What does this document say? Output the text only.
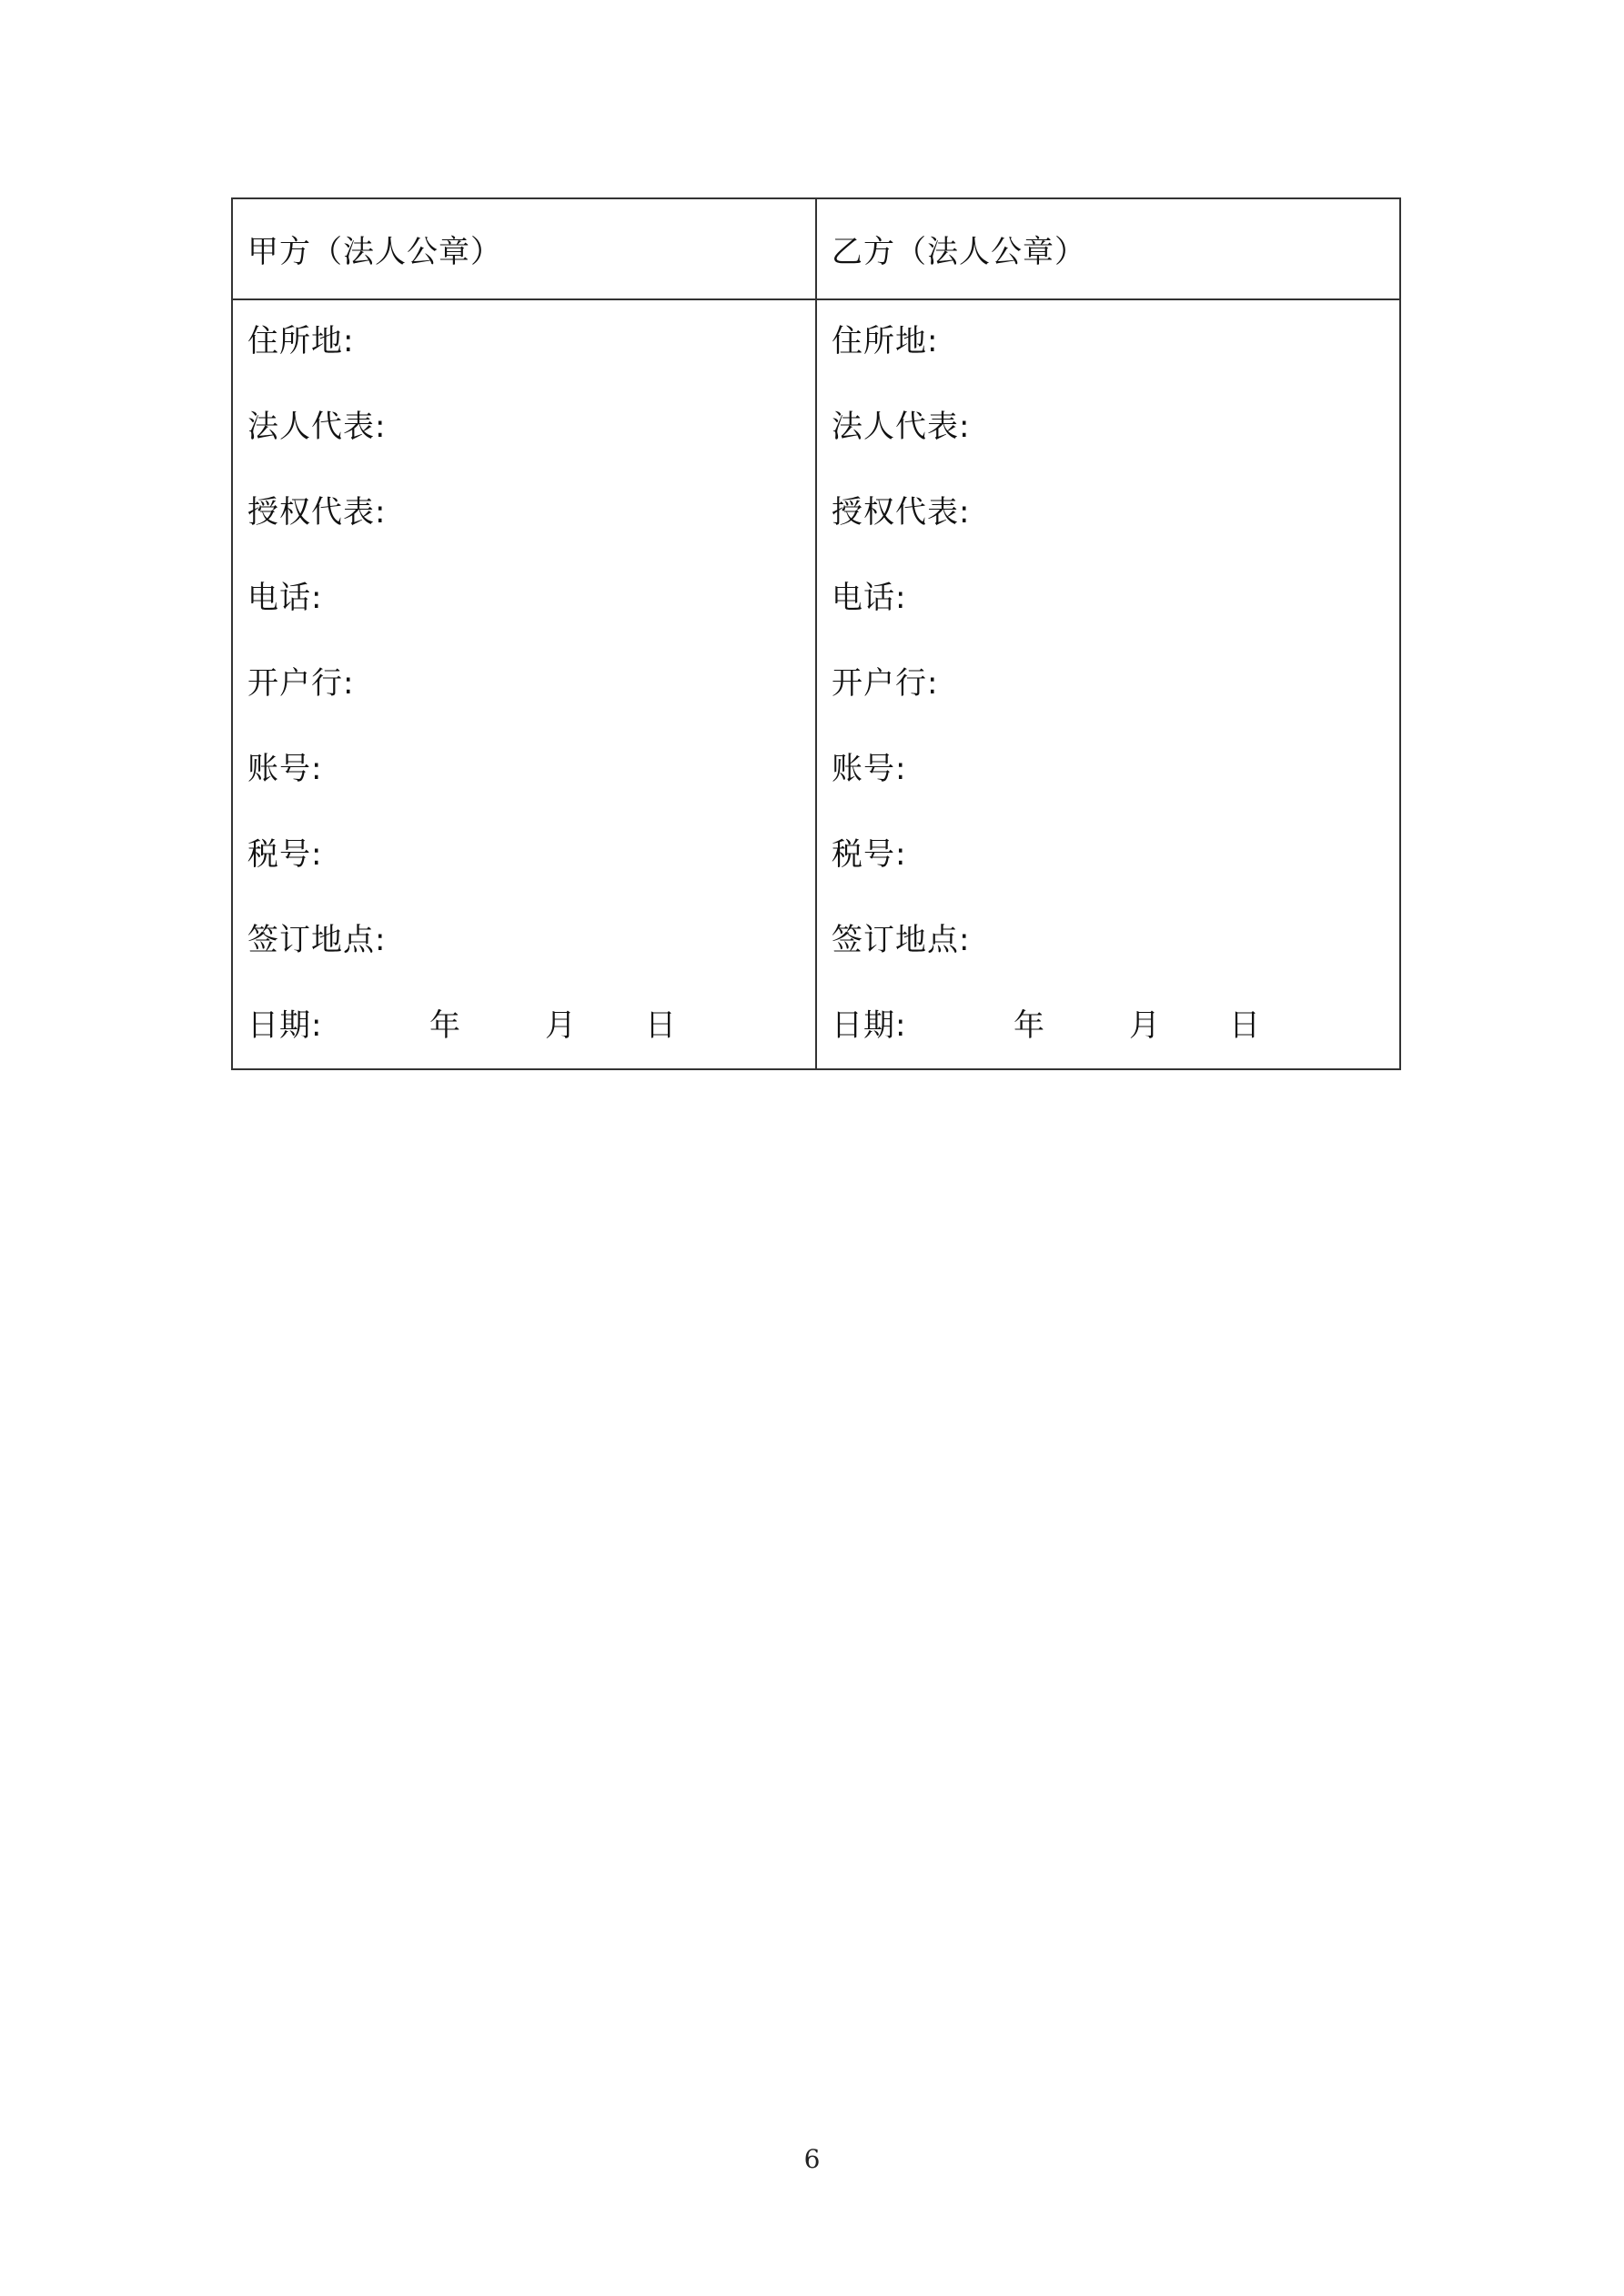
甲方（法人公章）
住所地:
法人代表:
授权代表:
电话:
开户行:
账号:
税号:
签订地点:
日期:	年	月	日
乙方（法人公章）
住所地:
法人代表:
授权代表:
电话:
开户行:
账号:
税号:
签订地点:
日期:	年	月	日
6
